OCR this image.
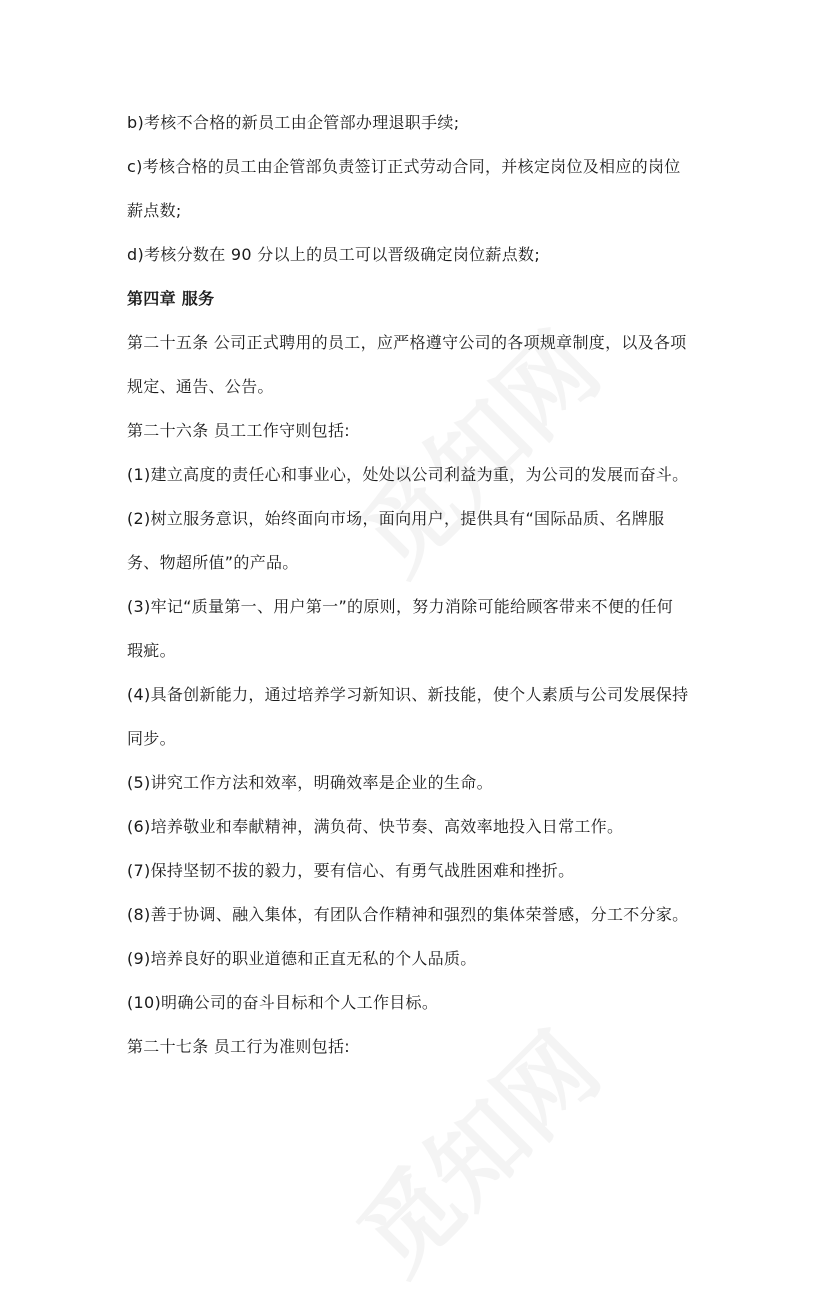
b)考核不合格的新员工由企管部办理退职手续;
c)考核合格的员工由企管部负责签订正式劳动合同，并核定岗位及相应的岗位
薪点数;
d)考核分数在 90 分以上的员工可以晋级确定岗位薪点数;
第四章 服务
第二十五条 公司正式聘用的员工，应严格遵守公司的各项规章制度，以及各项
规定、通告、公告。
第二十六条 员工工作守则包括:
(1)建立高度的责任心和事业心，处处以公司利益为重，为公司的发展而奋斗。
(2)树立服务意识，始终面向市场，面向用户，提供具有“国际品质、名牌服
务、物超所值”的产品。
(3)牢记“质量第一、用户第一”的原则，努力消除可能给顾客带来不便的任何
瑕疵。
(4)具备创新能力，通过培养学习新知识、新技能，使个人素质与公司发展保持
同步。
(5)讲究工作方法和效率，明确效率是企业的生命。
(6)培养敬业和奉献精神，满负荷、快节奏、高效率地投入日常工作。
(7)保持坚韧不拔的毅力，要有信心、有勇气战胜困难和挫折。
(8)善于协调、融入集体，有团队合作精神和强烈的集体荣誉感，分工不分家。
(9)培养良好的职业道德和正直无私的个人品质。
(10)明确公司的奋斗目标和个人工作目标。
第二十七条 员工行为准则包括:
